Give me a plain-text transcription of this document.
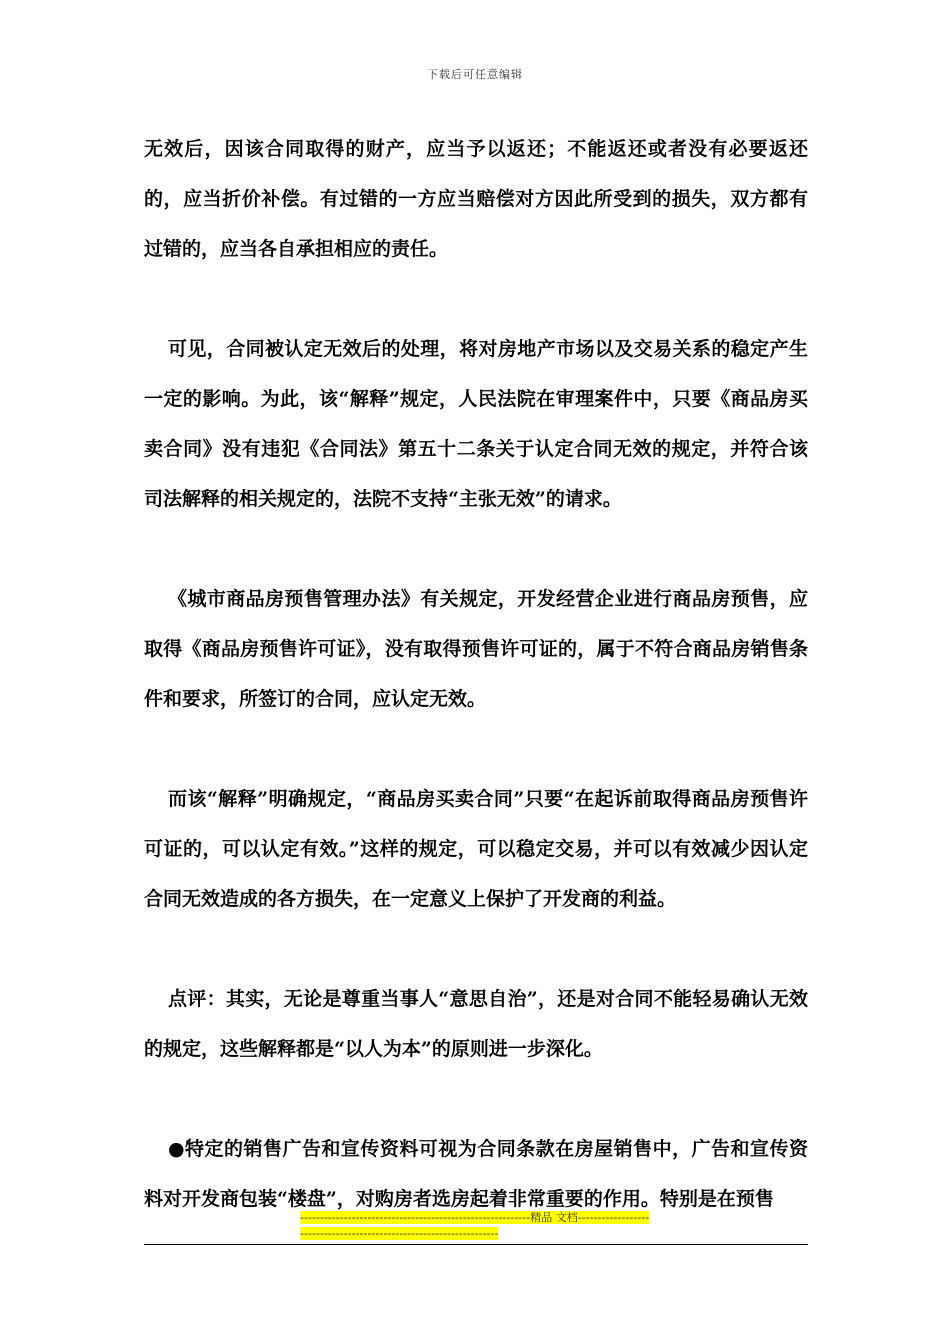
下载后可任意编辑

无效后，因该合同取得的财产，应当予以返还；不能返还或者没有必要返还的，应当折价补偿。有过错的一方应当赔偿对方因此所受到的损失，双方都有过错的，应当各自承担相应的责任。

可见，合同被认定无效后的处理，将对房地产市场以及交易关系的稳定产生一定的影响。为此，该“解释”规定，人民法院在审理案件中，只要《商品房买卖合同》没有违犯《合同法》第五十二条关于认定合同无效的规定，并符合该司法解释的相关规定的，法院不支持“主张无效”的请求。

《城市商品房预售管理办法》有关规定，开发经营企业进行商品房预售，应取得《商品房预售许可证》，没有取得预售许可证的，属于不符合商品房销售条件和要求，所签订的合同，应认定无效。

而该“解释”明确规定，“商品房买卖合同”只要“在起诉前取得商品房预售许可证的，可以认定有效。”这样的规定，可以稳定交易，并可以有效减少因认定合同无效造成的各方损失，在一定意义上保护了开发商的利益。

点评：其实，无论是尊重当事人“意思自治”，还是对合同不能轻易确认无效的规定，这些解释都是“以人为本”的原则进一步深化。

●特定的销售广告和宣传资料可视为合同条款在房屋销售中，广告和宣传资料对开发商包装“楼盘”，对购房者选房起着非常重要的作用。特别是在预售

----------------------------------------------------------精品 文档--------------------------------------------------------------------
